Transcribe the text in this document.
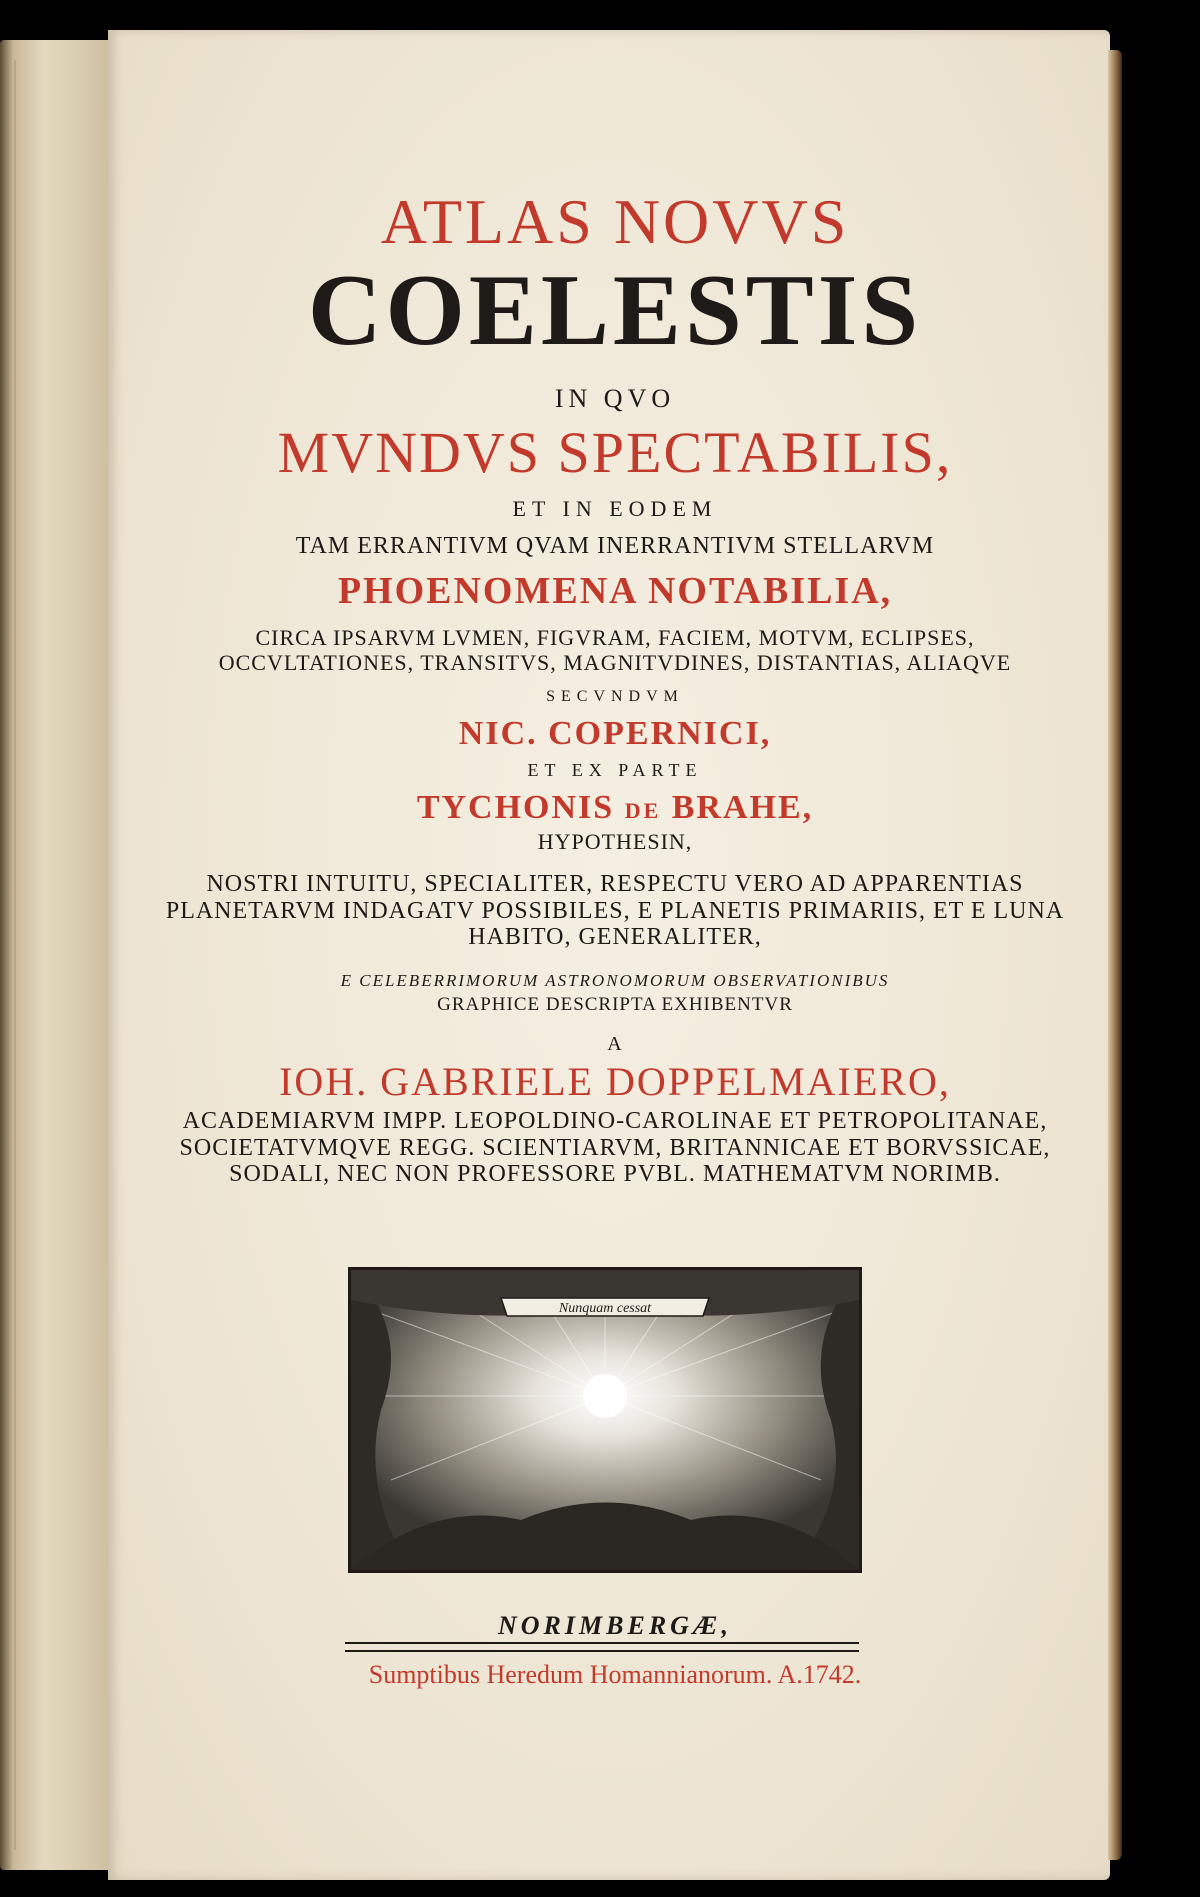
ATLAS NOVVS
COELESTIS
IN QVO
MVNDVS SPECTABILIS,
ET IN EODEM
TAM ERRANTIVM QVAM INERRANTIVM STELLARVM
PHOENOMENA NOTABILIA,
CIRCA IPSARVM LVMEN, FIGVRAM, FACIEM, MOTVM, ECLIPSES, OCCVLTATIONES, TRANSITVS, MAGNITVDINES, DISTANTIAS, ALIAQVE
SECVNDVM
NIC. COPERNICI,
ET EX PARTE
TYCHONIS DE BRAHE,
HYPOTHESIN,
NOSTRI INTUITU, SPECIALITER, RESPECTU VERO AD APPARENTIAS PLANETARVM INDAGATV POSSIBILES, E PLANETIS PRIMARIIS, ET E LUNA HABITO, GENERALITER,
E CELEBERRIMORUM ASTRONOMORUM OBSERVATIONIBUS
GRAPHICE DESCRIPTA EXHIBENTVR
A
IOH. GABRIELE DOPPELMAIERO,
ACADEMIARVM IMPP. LEOPOLDINO-CAROLINAE ET PETROPOLITANAE, SOCIETATVMQVE REGG. SCIENTIARVM, BRITANNICAE ET BORVSSICAE, SODALI, NEC NON PROFESSORE PVBL. MATHEMATVM NORIMB.
Nunquam cessat
NORIMBERGÆ,
Sumptibus Heredum Homannianorum. A.1742.
